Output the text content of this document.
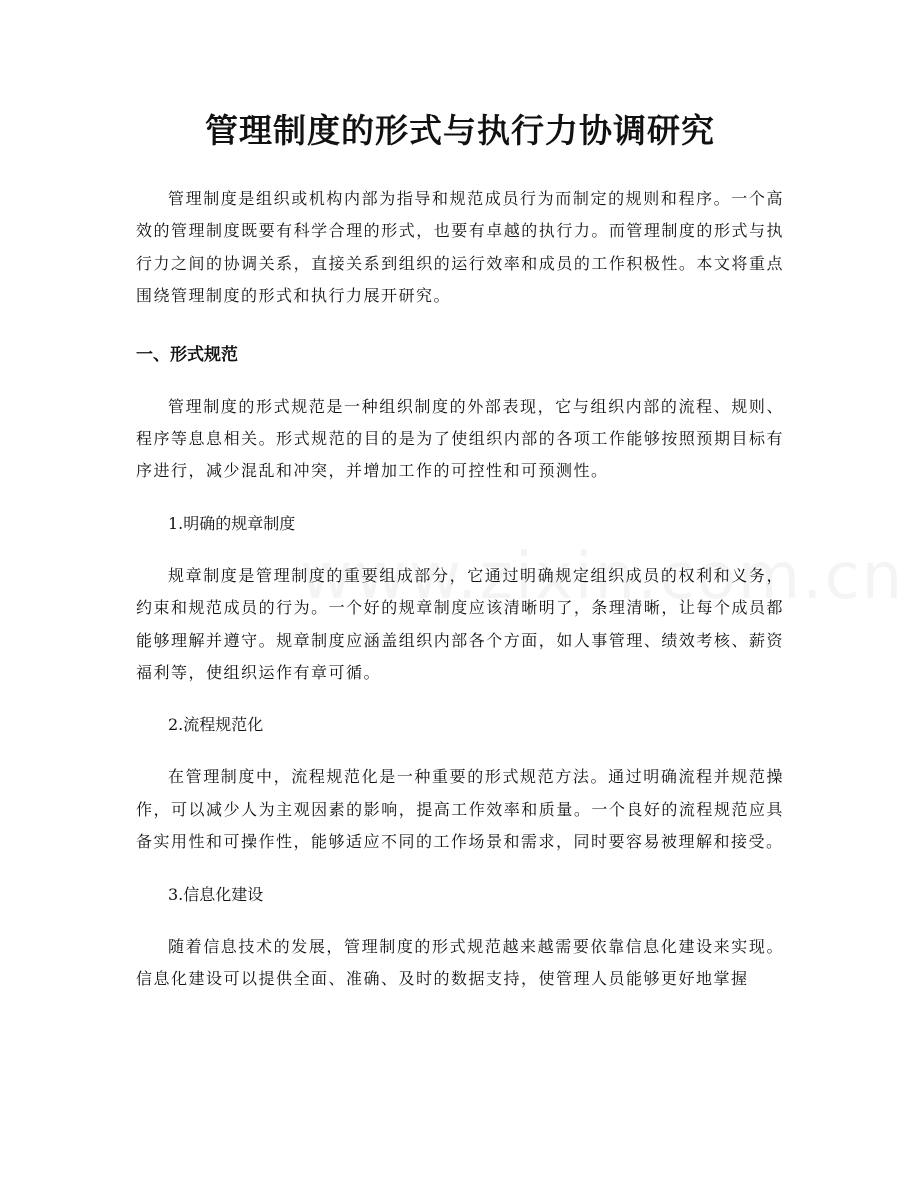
管理制度的形式与执行力协调研究

管理制度是组织或机构内部为指导和规范成员行为而制定的规则和程序。一个高效的管理制度既要有科学合理的形式，也要有卓越的执行力。而管理制度的形式与执行力之间的协调关系，直接关系到组织的运行效率和成员的工作积极性。本文将重点围绕管理制度的形式和执行力展开研究。

一、形式规范

管理制度的形式规范是一种组织制度的外部表现，它与组织内部的流程、规则、程序等息息相关。形式规范的目的是为了使组织内部的各项工作能够按照预期目标有序进行，减少混乱和冲突，并增加工作的可控性和可预测性。

1.明确的规章制度

规章制度是管理制度的重要组成部分，它通过明确规定组织成员的权利和义务，约束和规范成员的行为。一个好的规章制度应该清晰明了，条理清晰，让每个成员都能够理解并遵守。规章制度应涵盖组织内部各个方面，如人事管理、绩效考核、薪资福利等，使组织运作有章可循。

2.流程规范化

在管理制度中，流程规范化是一种重要的形式规范方法。通过明确流程并规范操作，可以减少人为主观因素的影响，提高工作效率和质量。一个良好的流程规范应具备实用性和可操作性，能够适应不同的工作场景和需求，同时要容易被理解和接受。

3.信息化建设

随着信息技术的发展，管理制度的形式规范越来越需要依靠信息化建设来实现。信息化建设可以提供全面、准确、及时的数据支持，使管理人员能够更好地掌握
